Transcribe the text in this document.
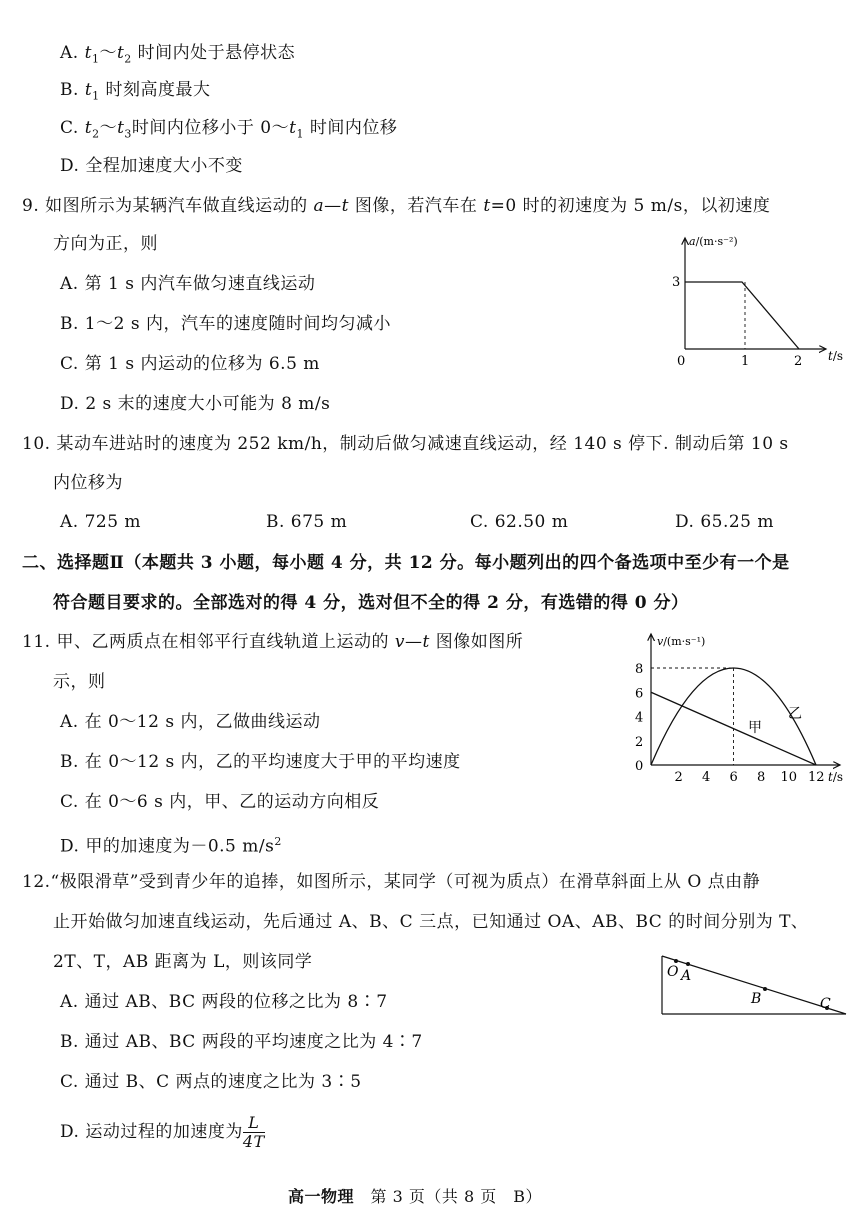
A. $t_1\sim t_2$ 时间内处于悬停状态
B. $t_1$ 时刻高度最大
C. $t_2\sim t_3$时间内位移小于 $0\sim t_1$ 时间内位移
D. 全程加速度大小不变
9. 如图所示为某辆汽车做直线运动的 a—t 图像，若汽车在 t=0 时的初速度为 5 m/s，以初速度
方向为正，则
A. 第 1 s 内汽车做匀速直线运动
B. 1～2 s 内，汽车的速度随时间均匀减小
C. 第 1 s 内运动的位移为 6.5 m
D. 2 s 末的速度大小可能为 8 m/s
a/(m·s⁻²)
t/s
3
0	1	2
10. 某动车进站时的速度为 252 km/h，制动后做匀减速直线运动，经 140 s 停下. 制动后第 10 s
内位移为
A. 725 m	B. 675 m	C. 62.50 m	D. 65.25 m
二、选择题Ⅱ（本题共 3 小题，每小题 4 分，共 12 分。每小题列出的四个备选项中至少有一个是
符合题目要求的。全部选对的得 4 分，选对但不全的得 2 分，有选错的得 0 分）
11. 甲、乙两质点在相邻平行直线轨道上运动的 v—t 图像如图所
示，则
A. 在 0～12 s 内，乙做曲线运动
B. 在 0～12 s 内，乙的平均速度大于甲的平均速度
C. 在 0～6 s 内，甲、乙的运动方向相反
D. 甲的加速度为－0.5 $m/s^2$
v/(m·s⁻¹)
t/s
0
2
4
6
8
2 4 6 8 10 12
甲
乙
12.“极限滑草”受到青少年的追捧，如图所示，某同学（可视为质点）在滑草斜面上从 O 点由静
止开始做匀加速直线运动，先后通过 A、B、C 三点，已知通过 OA、AB、BC 的时间分别为 T、
2T、T，AB 距离为 L，则该同学
A. 通过 AB、BC 两段的位移之比为 8∶7
B. 通过 AB、BC 两段的平均速度之比为 4∶7
C. 通过 B、C 两点的速度之比为 3∶5
D. 运动过程的加速度为 $\frac{L}{4T}$
O A
B	C
高一物理　 第 3 页（共 8 页　B）
